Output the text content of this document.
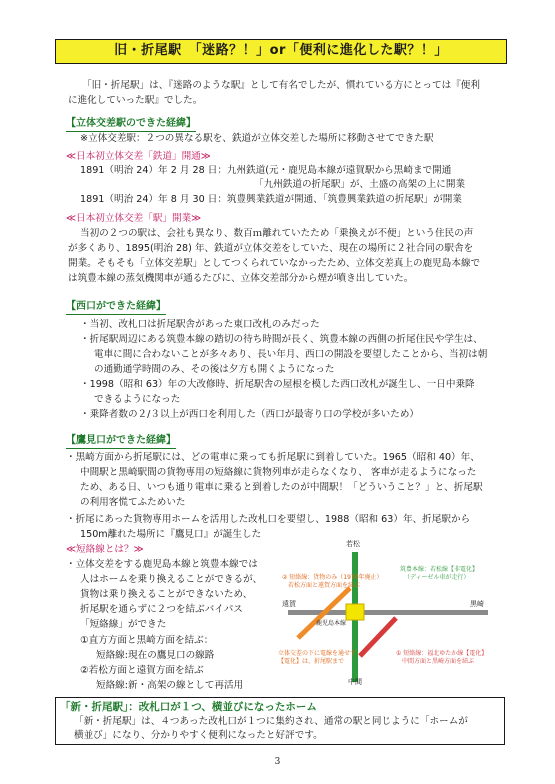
旧・折尾駅　「迷路？！」or「便利に進化した駅？！」
「旧・折尾駅」は、『迷路のような駅』として有名でしたが、慣れている方にとっては『便利
に進化していった駅』でした。
【立体交差駅のできた経緯】
※立体交差駅：２つの異なる駅を、鉄道が立体交差した場所に移動させてできた駅
≪日本初立体交差「鉄道」開通≫
1891（明治 24）年 2 月 28 日：九州鉄道(元・鹿児島本線が遠賀駅から黒崎まで開通
「九州鉄道の折尾駅」が、土盛の高架の上に開業
1891（明治 24）年 8 月 30 日：筑豊興業鉄道が開通、「筑豊興業鉄道の折尾駅」が開業
≪日本初立体交差「駅」開業≫
当初の２つの駅は、会社も異なり、数百ｍ離れていたため「乗換えが不便」という住民の声
が多くあり、1895(明治 28) 年、鉄道が立体交差をしていた、現在の場所に２社合同の駅舎を
開業。そもそも「立体交差駅」としてつくられていなかったため、立体交差真上の鹿児島本線で
は筑豊本線の蒸気機関車が通るたびに、立体交差部分から煙が噴き出していた。
【西口ができた経緯】
・当初、改札口は折尾駅舎があった東口改札のみだった
・折尾駅周辺にある筑豊本線の踏切の待ち時間が長く、筑豊本線の西側の折尾住民や学生は、
電車に間に合わないことが多々あり、長い年月、西口の開設を要望したことから、当初は朝
の通勤通学時間のみ、その後は夕方も開くようになった
・1998（昭和 63）年の大改修時、折尾駅舎の屋根を模した西口改札が誕生し、一日中乗降
できるようになった
・乗降者数の２/３以上が西口を利用した（西口が最寄り口の学校が多いため）
【鷹見口ができた経緯】
・黒崎方面から折尾駅には、どの電車に乗っても折尾駅に到着していた。1965（昭和 40）年、
中間駅と黒崎駅間の貨物専用の短絡線に貨物列車が走らなくなり、 客車が走るようになった
ため、ある日、いつも通り電車に乗ると到着したのが中間駅！「どういうこと？」と、折尾駅
の利用客慌てふためいた
・折尾にあった貨物専用ホームを活用した改札口を要望し、1988（昭和 63）年、折尾駅から
150m離れた場所に『鷹見口』が誕生した
≪短絡線とは？≫
・立体交差をする鹿児島本線と筑豊本線では
人はホームを乗り換えることができるが、
貨物は乗り換えることができないため、
折尾駅を通らずに２つを結ぶバイパス
「短絡線」ができた
①直方方面と黒崎方面を結ぶ：
短絡線:現在の鷹見口の線路
②若松方面と遠賀方面を結ぶ
短絡線:新・高架の線として再活用
若松
遠賀	黒崎
中間
鹿児島本線
筑豊本線：若松線【非電化】
（ディーゼル車が走行）
② 短絡線：貨物のみ（1970年廃止）
　若松方面と遠賀方面を結ぶ
① 短絡線：福北ゆたか線【電化】
　中間方面と黒崎方面を結ぶ
立体交差の下に電線を通せず
【電化】は、折尾駅まで
「新・折尾駅」：改札口が１つ、横並びになったホーム
「新・折尾駅」は、４つあった改札口が１つに集約され、通常の駅と同じように「ホームが
横並び」になり、分かりやすく便利になったと好評です。
3
